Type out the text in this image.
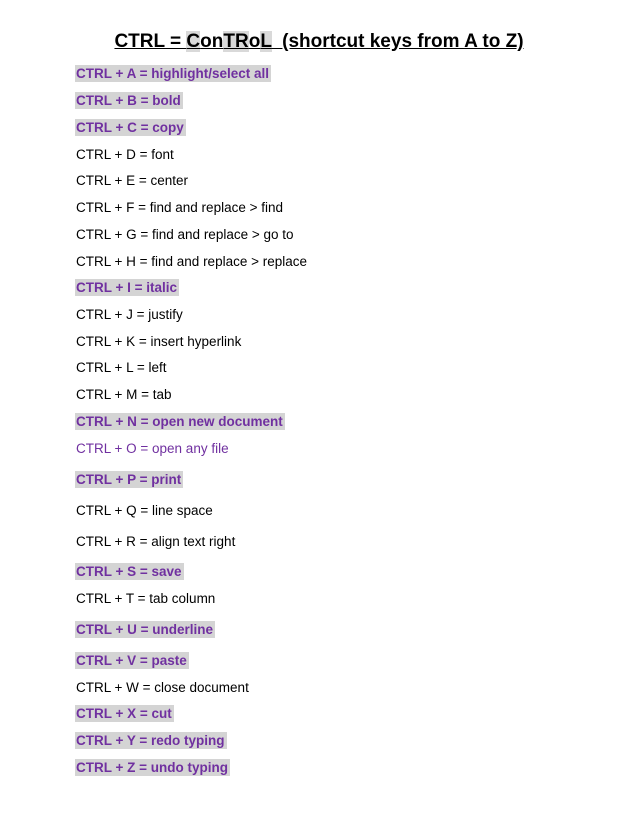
CTRL = ConTRoL  (shortcut keys from A to Z)
CTRL + A = highlight/select all
CTRL + B = bold
CTRL + C = copy
CTRL + D = font
CTRL + E = center
CTRL + F = find and replace > find
CTRL + G = find and replace > go to
CTRL + H = find and replace > replace
CTRL + I = italic
CTRL + J = justify
CTRL + K = insert hyperlink
CTRL + L = left
CTRL + M = tab
CTRL + N = open new document
CTRL + O = open any file
CTRL + P = print
CTRL + Q = line space
CTRL + R = align text right
CTRL + S = save
CTRL + T = tab column
CTRL + U = underline
CTRL + V = paste
CTRL + W = close document
CTRL + X = cut
CTRL + Y = redo typing
CTRL + Z = undo typing
